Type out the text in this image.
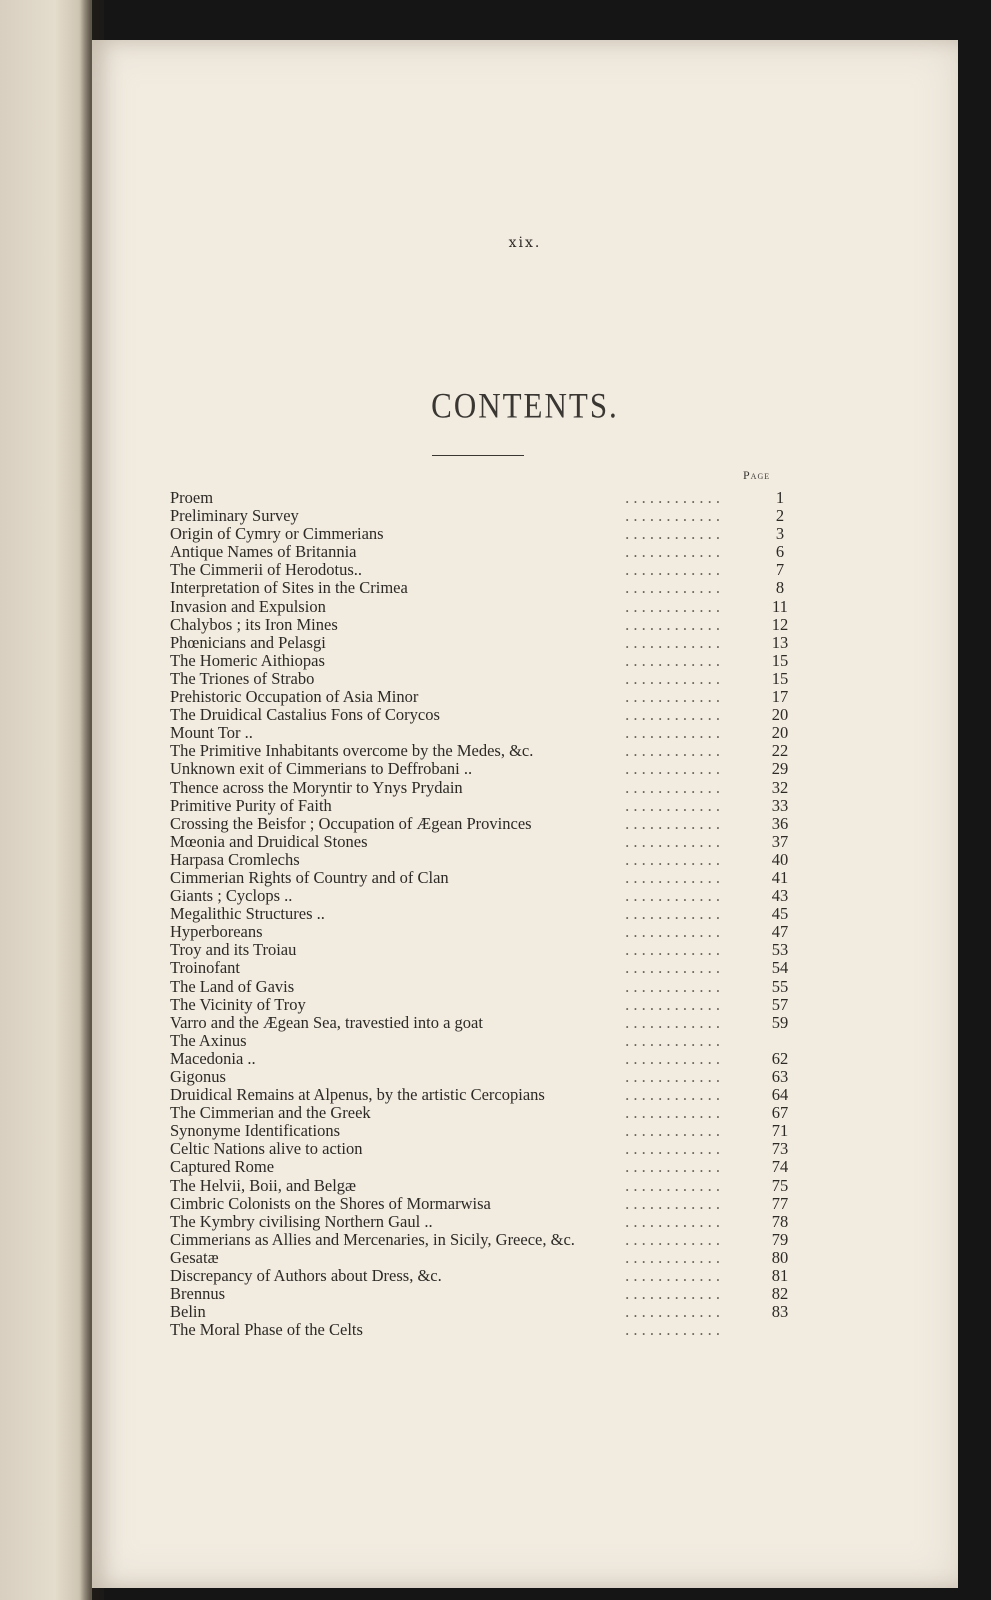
xix.
CONTENTS.
Page
Proem	. . . . . . . . . . . .	1
Preliminary Survey	. . . . . . . . . . . .	2
Origin of Cymry or Cimmerians	. . . . . . . . . . . .	3
Antique Names of Britannia	. . . . . . . . . . . .	6
The Cimmerii of Herodotus..	. . . . . . . . . . . .	7
Interpretation of Sites in the Crimea	. . . . . . . . . . . .	8
Invasion and Expulsion	. . . . . . . . . . . .	11
Chalybos ; its Iron Mines	. . . . . . . . . . . .	12
Phœnicians and Pelasgi	. . . . . . . . . . . .	13
The Homeric Aithiopas	. . . . . . . . . . . .	15
The Triones of Strabo	. . . . . . . . . . . .	15
Prehistoric Occupation of Asia Minor	. . . . . . . . . . . .	17
The Druidical Castalius Fons of Corycos	. . . . . . . . . . . .	20
Mount Tor ..	. . . . . . . . . . . .	20
The Primitive Inhabitants overcome by the Medes, &c.	. . . . . . . . . . . .	22
Unknown exit of Cimmerians to Deffrobani ..	. . . . . . . . . . . .	29
Thence across the Moryntir to Ynys Prydain	. . . . . . . . . . . .	32
Primitive Purity of Faith	. . . . . . . . . . . .	33
Crossing the Beisfor ; Occupation of Ægean Provinces	. . . . . . . . . . . .	36
Mœonia and Druidical Stones	. . . . . . . . . . . .	37
Harpasa Cromlechs	. . . . . . . . . . . .	40
Cimmerian Rights of Country and of Clan	. . . . . . . . . . . .	41
Giants ; Cyclops ..	. . . . . . . . . . . .	43
Megalithic Structures ..	. . . . . . . . . . . .	45
Hyperboreans	. . . . . . . . . . . .	47
Troy and its Troiau	. . . . . . . . . . . .	53
Troinofant	. . . . . . . . . . . .	54
The Land of Gavis	. . . . . . . . . . . .	55
The Vicinity of Troy	. . . . . . . . . . . .	57
Varro and the Ægean Sea, travestied into a goat	. . . . . . . . . . . .	59
The Axinus	. . . . . . . . . . . .
Macedonia ..	. . . . . . . . . . . .	62
Gigonus	. . . . . . . . . . . .	63
Druidical Remains at Alpenus, by the artistic Cercopians	. . . . . . . . . . . .	64
The Cimmerian and the Greek	. . . . . . . . . . . .	67
Synonyme Identifications	. . . . . . . . . . . .	71
Celtic Nations alive to action	. . . . . . . . . . . .	73
Captured Rome	. . . . . . . . . . . .	74
The Helvii, Boii, and Belgæ	. . . . . . . . . . . .	75
Cimbric Colonists on the Shores of Mormarwisa	. . . . . . . . . . . .	77
The Kymbry civilising Northern Gaul ..	. . . . . . . . . . . .	78
Cimmerians as Allies and Mercenaries, in Sicily, Greece, &c.	. . . . . . . . . . . .	79
Gesatæ	. . . . . . . . . . . .	80
Discrepancy of Authors about Dress, &c.	. . . . . . . . . . . .	81
Brennus	. . . . . . . . . . . .	82
Belin	. . . . . . . . . . . .	83
The Moral Phase of the Celts	. . . . . . . . . . . .
